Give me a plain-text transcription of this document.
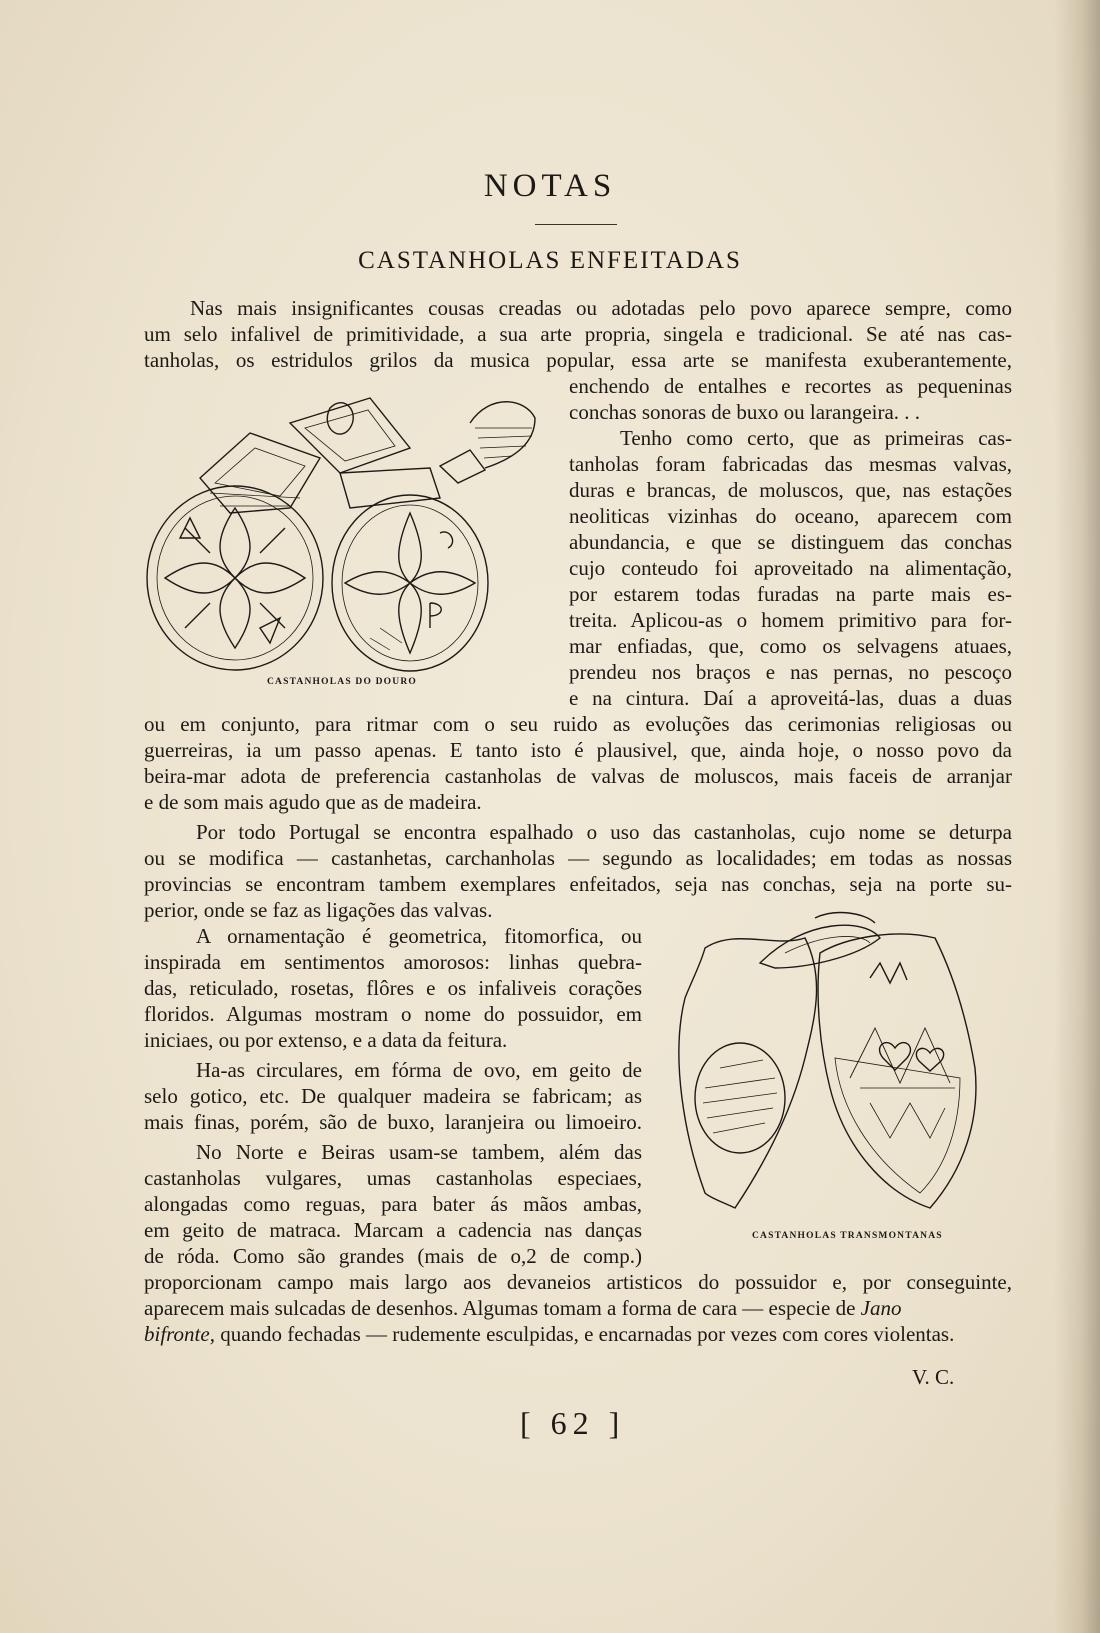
NOTAS
CASTANHOLAS ENFEITADAS
Nas mais insignificantes cousas creadas ou adotadas pelo povo aparece sempre, como
um selo infalivel de primitividade, a sua arte propria, singela e tradicional. Se até nas cas-
tanholas, os estridulos grilos da musica popular, essa arte se manifesta exuberantemente,
enchendo de entalhes e recortes as pequeninas
conchas sonoras de buxo ou larangeira. . .
Tenho como certo, que as primeiras cas-
tanholas foram fabricadas das mesmas valvas,
duras e brancas, de moluscos, que, nas estações
neoliticas vizinhas do oceano, aparecem com
abundancia, e que se distinguem das conchas
cujo conteudo foi aproveitado na alimentação,
por estarem todas furadas na parte mais es-
treita. Aplicou-as o homem primitivo para for-
mar enfiadas, que, como os selvagens atuaes,
prendeu nos braços e nas pernas, no pescoço
e na cintura. Daí a aproveitá-las, duas a duas
ou em conjunto, para ritmar com o seu ruido as evoluções das cerimonias religiosas ou
guerreiras, ia um passo apenas. E tanto isto é plausivel, que, ainda hoje, o nosso povo da
beira-mar adota de preferencia castanholas de valvas de moluscos, mais faceis de arranjar
e de som mais agudo que as de madeira.
Por todo Portugal se encontra espalhado o uso das castanholas, cujo nome se deturpa
ou se modifica — castanhetas, carchanholas — segundo as localidades; em todas as nossas
provincias se encontram tambem exemplares enfeitados, seja nas conchas, seja na porte su-
perior, onde se faz as ligações das valvas.
A ornamentação é geometrica, fitomorfica, ou
inspirada em sentimentos amorosos: linhas quebra-
das, reticulado, rosetas, flôres e os infaliveis corações
floridos. Algumas mostram o nome do possuidor, em
iniciaes, ou por extenso, e a data da feitura.
Ha-as circulares, em fórma de ovo, em geito de
selo gotico, etc. De qualquer madeira se fabricam; as
mais finas, porém, são de buxo, laranjeira ou limoeiro.
No Norte e Beiras usam-se tambem, além das
castanholas vulgares, umas castanholas especiaes,
alongadas como reguas, para bater ás mãos ambas,
em geito de matraca. Marcam a cadencia nas danças
de róda. Como são grandes (mais de o,2 de comp.)
proporcionam campo mais largo aos devaneios artisticos do possuidor e, por conseguinte,
aparecem mais sulcadas de desenhos. Algumas tomam a forma de cara — especie de Jano
bifronte, quando fechadas — rudemente esculpidas, e encarnadas por vezes com cores violentas.
V. C.
[ 62 ]
CASTANHOLAS DO DOURO
CASTANHOLAS TRANSMONTANAS
